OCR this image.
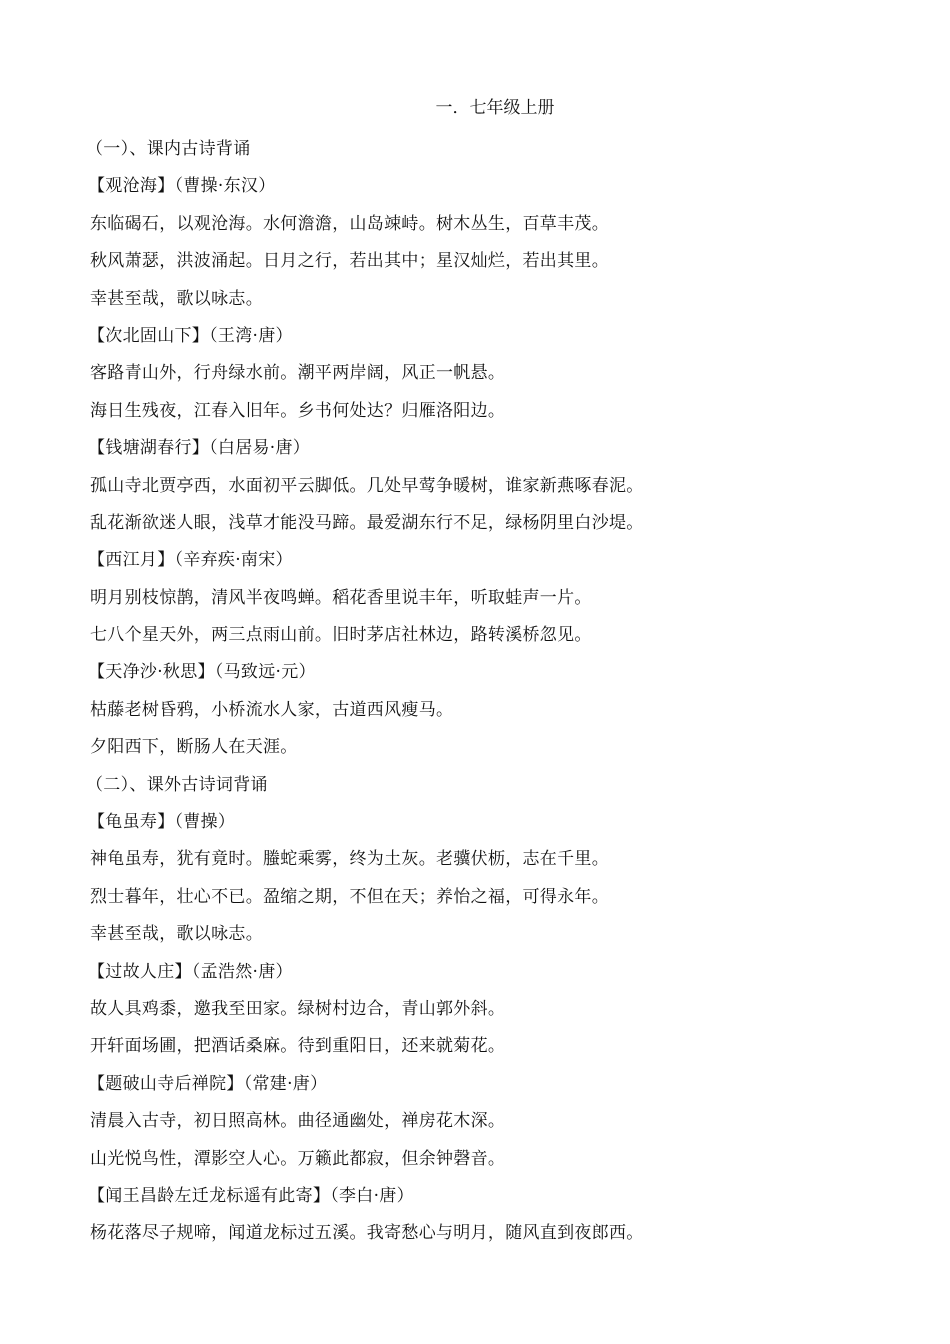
一．七年级上册
（一）、课内古诗背诵
【观沧海】（曹操·东汉）
东临碣石，以观沧海。水何澹澹，山岛竦峙。树木丛生，百草丰茂。
秋风萧瑟，洪波涌起。日月之行，若出其中；星汉灿烂，若出其里。
幸甚至哉，歌以咏志。
【次北固山下】（王湾·唐）
客路青山外，行舟绿水前。潮平两岸阔，风正一帆悬。
海日生残夜，江春入旧年。乡书何处达？归雁洛阳边。
【钱塘湖春行】（白居易·唐）
孤山寺北贾亭西，水面初平云脚低。几处早莺争暖树，谁家新燕啄春泥。
乱花渐欲迷人眼，浅草才能没马蹄。最爱湖东行不足，绿杨阴里白沙堤。
【西江月】（辛弃疾·南宋）
明月别枝惊鹊，清风半夜鸣蝉。稻花香里说丰年，听取蛙声一片。
七八个星天外，两三点雨山前。旧时茅店社林边，路转溪桥忽见。
【天净沙·秋思】（马致远·元）
枯藤老树昏鸦，小桥流水人家，古道西风瘦马。
夕阳西下，断肠人在天涯。
（二）、课外古诗词背诵
【龟虽寿】（曹操）
神龟虽寿，犹有竟时。螣蛇乘雾，终为土灰。老骥伏枥，志在千里。
烈士暮年，壮心不已。盈缩之期，不但在天；养怡之福，可得永年。
幸甚至哉，歌以咏志。
【过故人庄】（孟浩然·唐）
故人具鸡黍，邀我至田家。绿树村边合，青山郭外斜。
开轩面场圃，把酒话桑麻。待到重阳日，还来就菊花。
【题破山寺后禅院】（常建·唐）
清晨入古寺，初日照高林。曲径通幽处，禅房花木深。
山光悦鸟性，潭影空人心。万籁此都寂，但余钟磬音。
【闻王昌龄左迁龙标遥有此寄】（李白·唐）
杨花落尽子规啼，闻道龙标过五溪。我寄愁心与明月，随风直到夜郎西。
